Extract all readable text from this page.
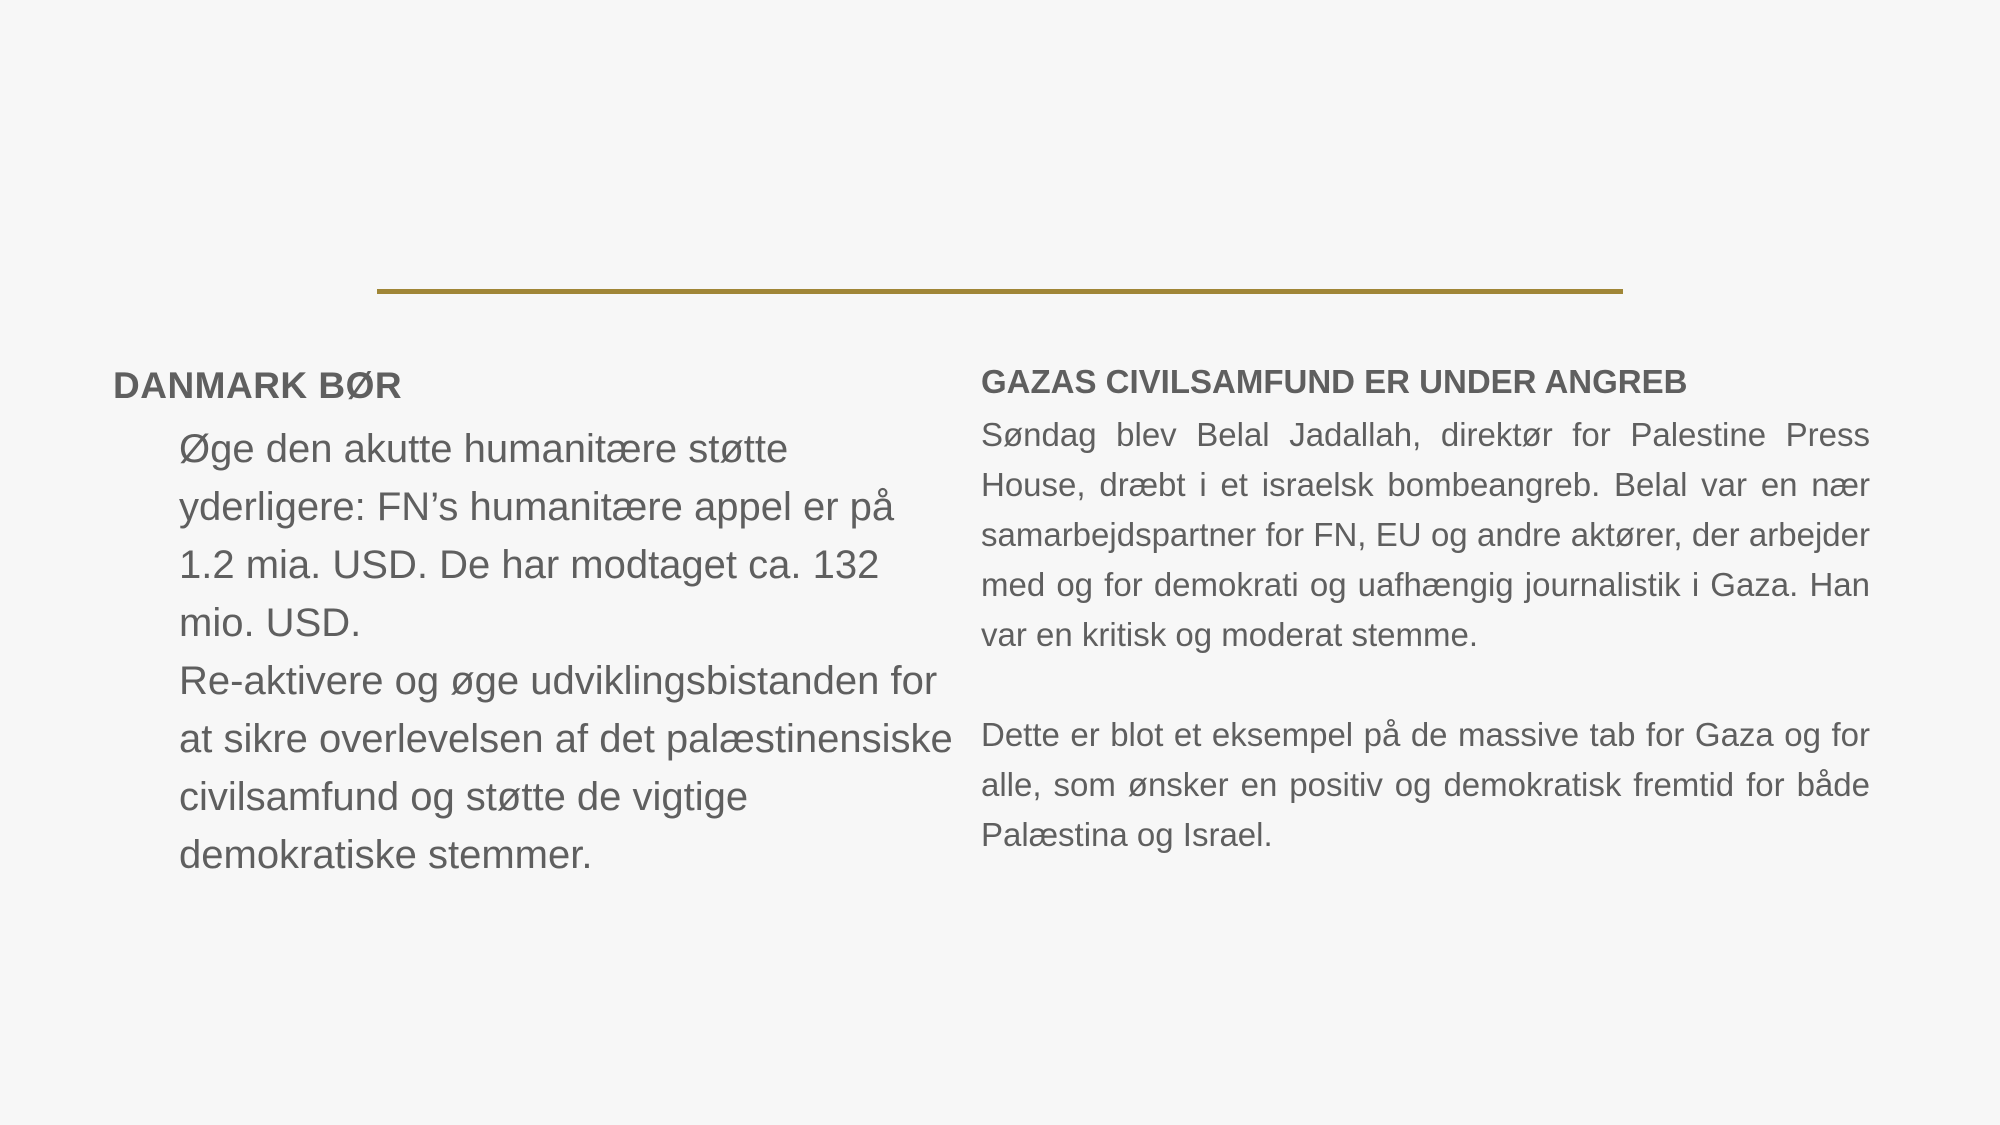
DANMARK BØR
Øge den akutte humanitære støtte yderligere: FN’s humanitære appel er på 1.2 mia. USD. De har modtaget ca. 132 mio. USD.
Re-aktivere og øge udviklingsbistanden for at sikre overlevelsen af det palæstinensiske civilsamfund og støtte de vigtige demokratiske stemmer.
GAZAS CIVILSAMFUND ER UNDER ANGREB

Søndag blev Belal Jadallah, direktør for Palestine Press House, dræbt i et israelsk bombeangreb. Belal var en nær samarbejdspartner for FN, EU og andre aktører, der arbejder med og for demokrati og uafhængig journalistik i Gaza. Han var en kritisk og moderat stemme.

Dette er blot et eksempel på de massive tab for Gaza og for alle, som ønsker en positiv og demokratisk fremtid for både Palæstina og Israel.
